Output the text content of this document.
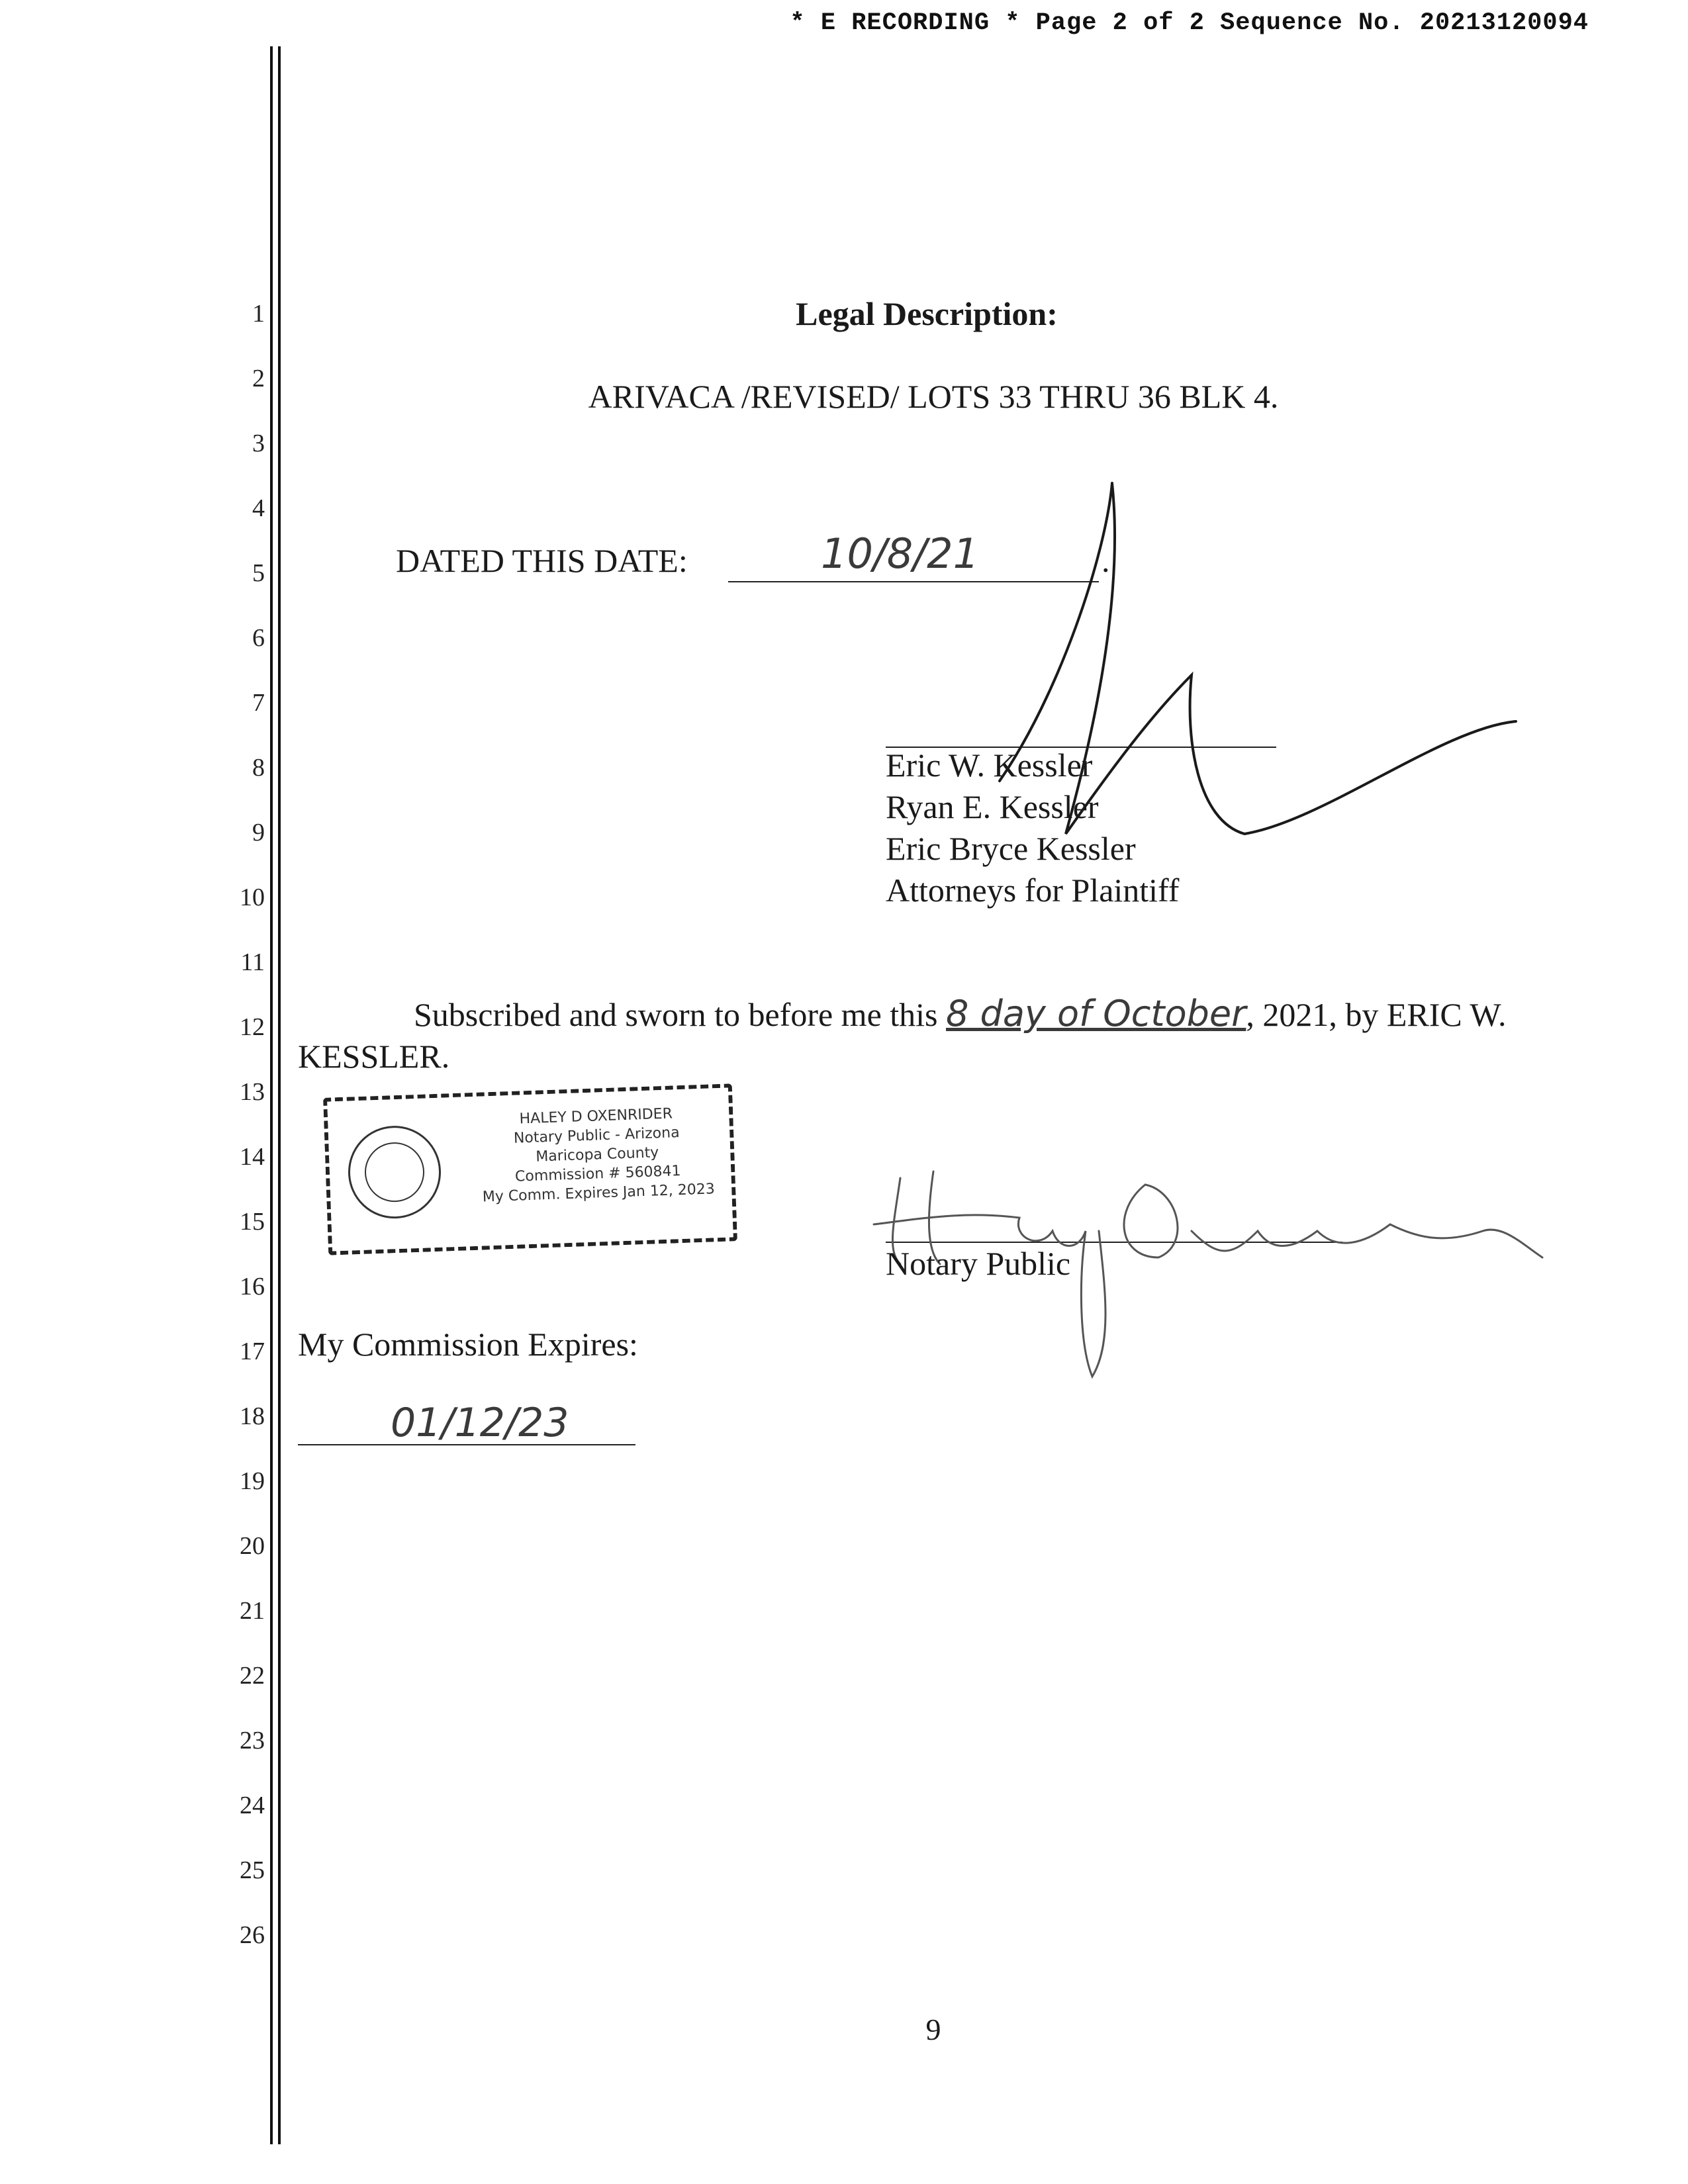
* E RECORDING * Page 2 of 2 Sequence No. 20213120094
1
2
3
4
5
6
7
8
9
10
11
12
13
14
15
16
17
18
19
20
21
22
23
24
25
26
Legal Description:
ARIVACA /REVISED/ LOTS 33 THRU 36 BLK 4.
DATED THIS DATE:	10/8/21	.
Eric W. Kessler
Ryan E. Kessler
Eric Bryce Kessler
Attorneys for Plaintiff
Subscribed and sworn to before me this 8 day of October, 2021, by ERIC W. KESSLER.
HALEY D OXENRIDER
Notary Public - Arizona
Maricopa County
Commission # 560841
My Comm. Expires Jan 12, 2023
Notary Public
My Commission Expires:
01/12/23
9
